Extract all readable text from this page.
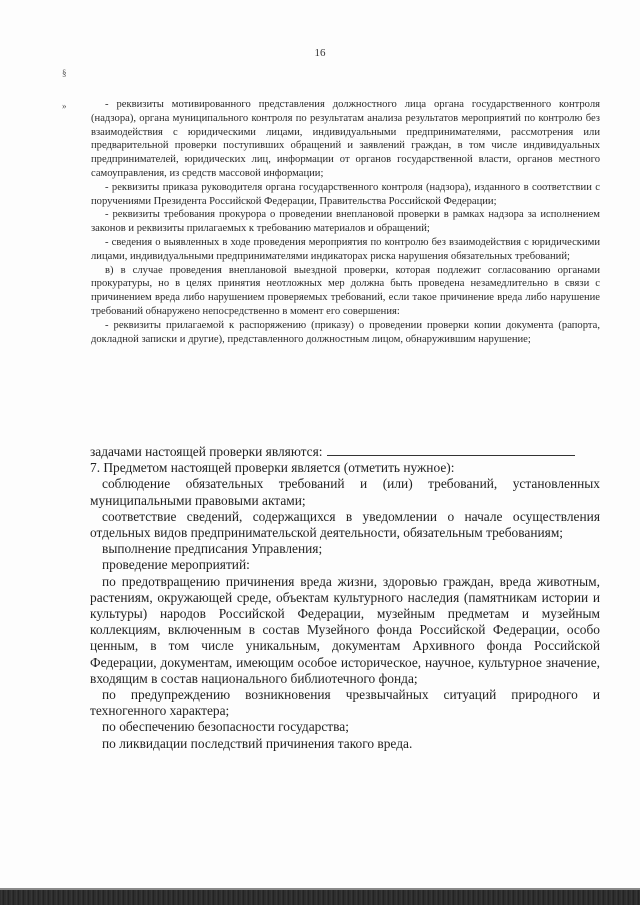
16
§
»	- реквизиты мотивированного представления должностного лица органа государственного контроля (надзора), органа муниципального контроля по результатам анализа результатов мероприятий по контролю без взаимодействия с юридическими лицами, индивидуальными предпринимателями, рассмотрения или предварительной проверки поступивших обращений и заявлений граждан, в том числе индивидуальных предпринимателей, юридических лиц, информации от органов государственной власти, органов местного самоуправления, из средств массовой информации;

- реквизиты приказа руководителя органа государственного контроля (надзора), изданного в соответствии с поручениями Президента Российской Федерации, Правительства Российской Федерации;

- реквизиты требования прокурора о проведении внеплановой проверки в рамках надзора за исполнением законов и реквизиты прилагаемых к требованию материалов и обращений;

- сведения о выявленных в ходе проведения мероприятия по контролю без взаимодействия с юридическими лицами, индивидуальными предпринимателями индикаторах риска нарушения обязательных требований;

в) в случае проведения внеплановой выездной проверки, которая подлежит согласованию органами прокуратуры, но в целях принятия неотложных мер должна быть проведена незамедлительно в связи с причинением вреда либо нарушением проверяемых требований, если такое причинение вреда либо нарушение требований обнаружено непосредственно в момент его совершения:

- реквизиты прилагаемой к распоряжению (приказу) о проведении проверки копии документа (рапорта, докладной записки и другие), представленного должностным лицом, обнаружившим нарушение;

задачами настоящей проверки являются:

7. Предметом настоящей проверки является (отметить нужное):

соблюдение обязательных требований и (или) требований, установленных муниципальными правовыми актами;

соответствие сведений, содержащихся в уведомлении о начале осуществления отдельных видов предпринимательской деятельности, обязательным требованиям;

выполнение предписания Управления;

проведение мероприятий:

по предотвращению причинения вреда жизни, здоровью граждан, вреда животным, растениям, окружающей среде, объектам культурного наследия (памятникам истории и культуры) народов Российской Федерации, музейным предметам и музейным коллекциям, включенным в состав Музейного фонда Российской Федерации, особо ценным, в том числе уникальным, документам Архивного фонда Российской Федерации, документам, имеющим особое историческое, научное, культурное значение, входящим в состав национального библиотечного фонда;

по предупреждению возникновения чрезвычайных ситуаций природного и техногенного характера;

по обеспечению безопасности государства;

по ликвидации последствий причинения такого вреда.
